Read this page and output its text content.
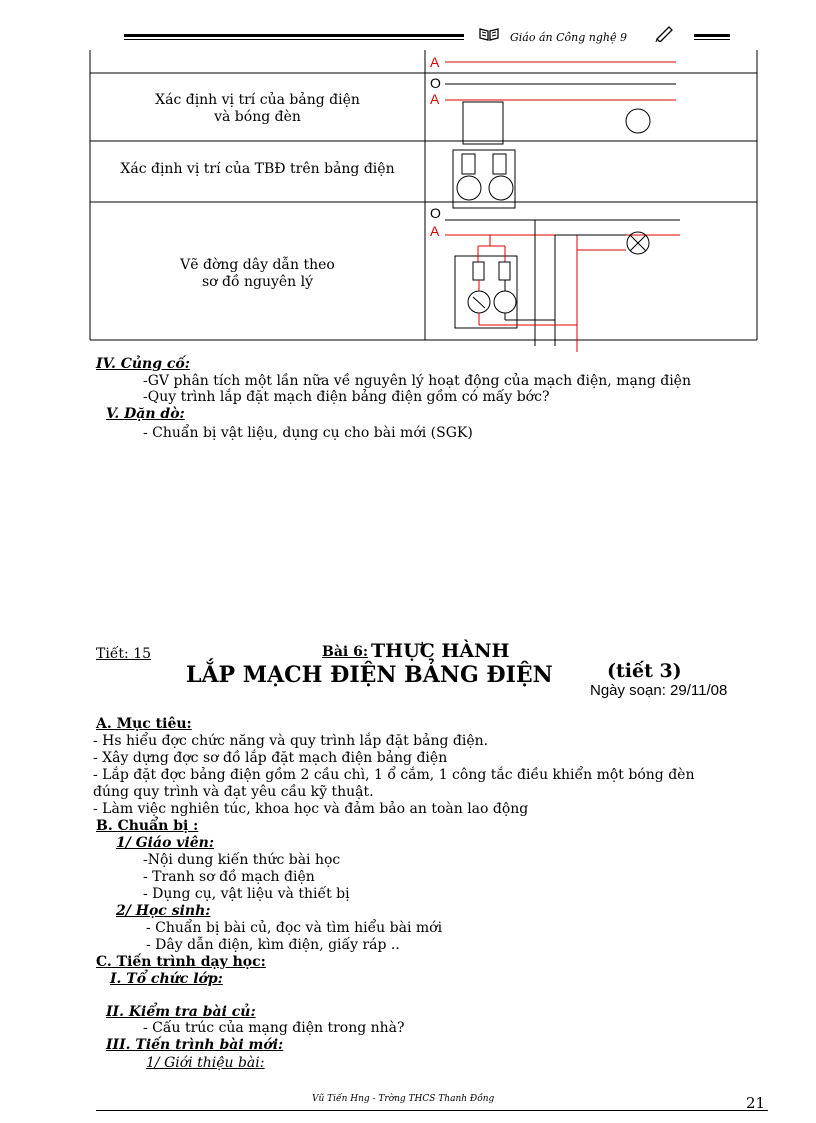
Giáo án Công nghệ 9
A
O
A
O
A
Xác định vị trí của bảng điện
và bóng đèn
Xác định vị trí của TBĐ trên bảng điện
Vẽ đờng dây dẫn theo
sơ đồ nguyên lý
IV. Củng cố:
-GV phân tích một lần nữa về nguyên lý hoạt động của mạch điện, mạng điện
-Quy trình lắp đặt mạch điện bảng điện gồm có mấy bớc?
V. Dặn dò:
- Chuẩn bị vật liệu, dụng cụ cho bài mới (SGK)
Tiết: 15	Bài 6: THỰC HÀNH
LẮP MẠCH ĐIỆN BẢNG ĐIỆN	(tiết 3)
Ngày soạn: 29/11/08
A. Mục tiêu:
- Hs hiểu đợc chức năng và quy trình lắp đặt bảng điện.
- Xây dựng đợc sơ đồ lắp đặt mạch điện bảng điện
- Lắp đặt đợc bảng điện gồm 2 cầu chì, 1 ổ cắm, 1 công tắc điều khiển một bóng đèn
đúng quy trình và đạt yêu cầu kỹ thuật.
- Làm việc nghiên túc, khoa học và đảm bảo an toàn lao động
B. Chuẩn bị :
1/ Giáo viên:
-Nội dung kiến thức bài học
- Tranh sơ đồ mạch điện
- Dụng cụ, vật liệu và thiết bị
2/ Học sinh:
- Chuẩn bị bài củ, đọc và tìm hiểu bài mới
- Dây dẫn điện, kìm điện, giấy ráp ..
C. Tiến trình dạy học:
I. Tổ chức lớp:
II. Kiểm tra bài củ:
- Cấu trúc của mạng điện trong nhà?
III. Tiến trình bài mới:
1/ Giới thiệu bài:
Vũ Tiến Hng - Trờng THCS Thanh Đồng	21
